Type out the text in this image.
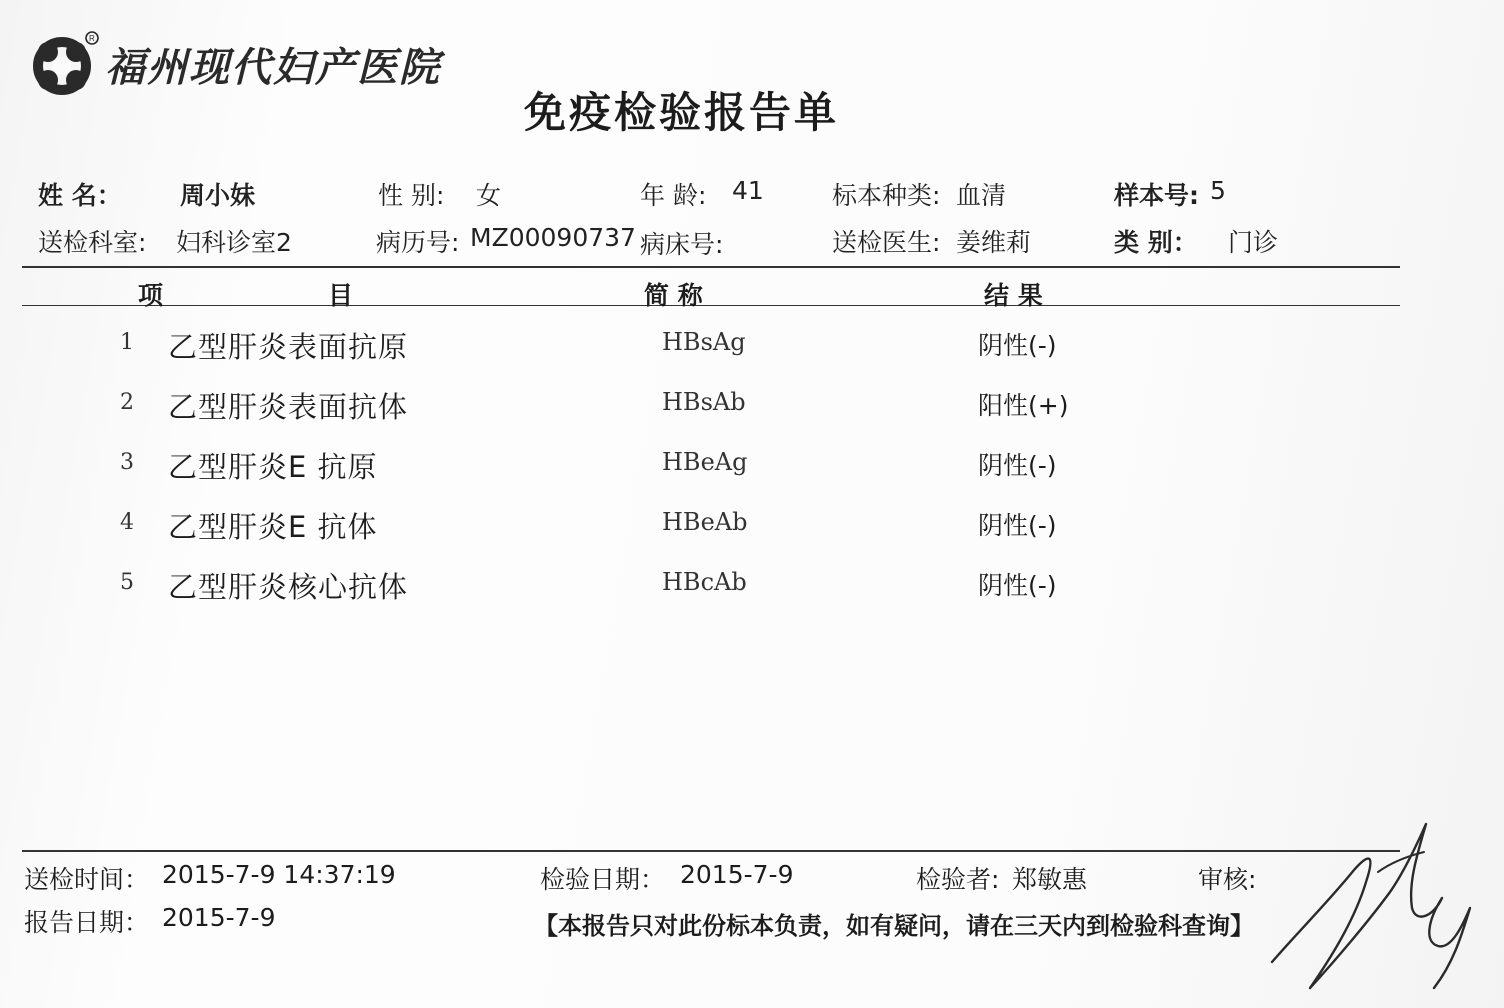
R
福州现代妇产医院
免疫检验报告单
姓 名： 周小妹	性 别: 女	年 龄: 41	标本种类: 血清	样本号: 5
送检科室: 妇科诊室2	病历号: MZ00090737 病床号:	送检医生: 姜维莉	类 别： 门诊
项	目	简 称	结 果
1 乙型肝炎表面抗原	HBsAg	阴性(-)
2 乙型肝炎表面抗体	HBsAb	阳性(+)
3 乙型肝炎E 抗原	HBeAg	阴性(-)
4 乙型肝炎E 抗体	HBeAb	阴性(-)
5 乙型肝炎核心抗体	HBcAb	阴性(-)
送检时间： 2015-7-9 14:37:19	检验日期： 2015-7-9	检验者: 郑敏惠	审核:
报告日期： 2015-7-9	【本报告只对此份标本负责，如有疑问，请在三天内到检验科查询】
